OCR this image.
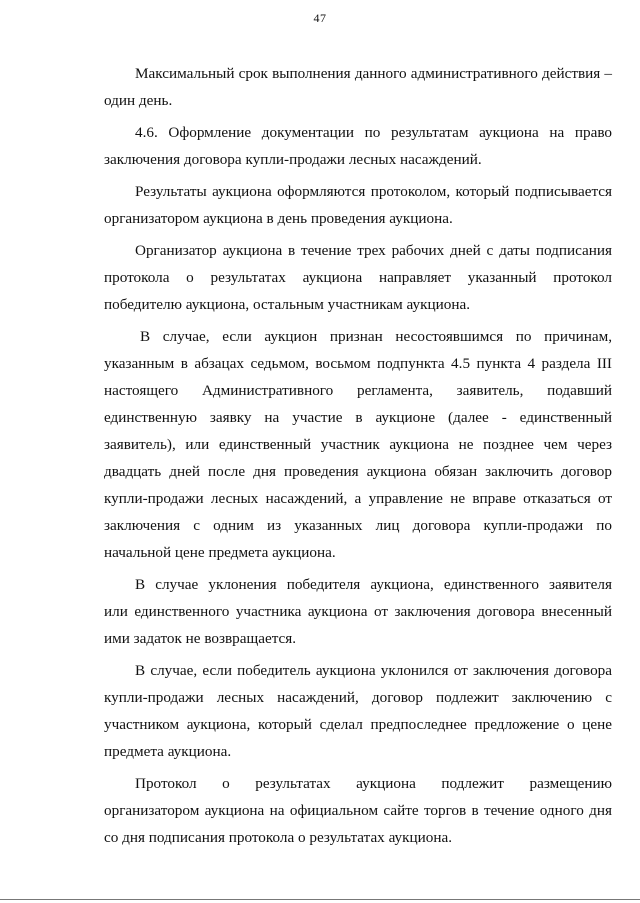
47
Максимальный срок выполнения данного административного действия –
один день.
4.6. Оформление документации по результатам аукциона на право
заключения договора купли-продажи лесных насаждений.
Результаты аукциона оформляются протоколом, который подписывается
организатором аукциона в день проведения аукциона.
Организатор аукциона в течение трех рабочих дней с даты подписания
протокола о результатах аукциона направляет указанный протокол
победителю аукциона, остальным участникам аукциона.
В случае, если аукцион признан несостоявшимся по причинам,
указанным в абзацах седьмом, восьмом подпункта 4.5 пункта 4 раздела III
настоящего Административного регламента, заявитель, подавший
единственную заявку на участие в аукционе (далее - единственный
заявитель), или единственный участник аукциона не позднее чем через
двадцать дней после дня проведения аукциона обязан заключить договор
купли-продажи лесных насаждений, а управление не вправе отказаться от
заключения с одним из указанных лиц договора купли-продажи по
начальной цене предмета аукциона.
В случае уклонения победителя аукциона, единственного заявителя
или единственного участника аукциона от заключения договора внесенный
ими задаток не возвращается.
В случае, если победитель аукциона уклонился от заключения договора
купли-продажи лесных насаждений, договор подлежит заключению с
участником аукциона, который сделал предпоследнее предложение о цене
предмета аукциона.
Протокол о результатах аукциона подлежит размещению
организатором аукциона на официальном сайте торгов в течение одного дня
со дня подписания протокола о результатах аукциона.
